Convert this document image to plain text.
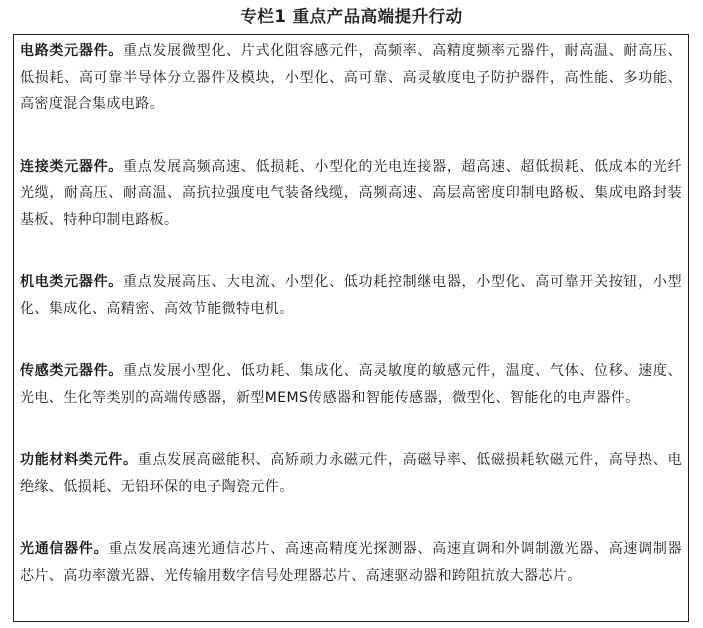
专栏1 重点产品高端提升行动

电路类元器件。重点发展微型化、片式化阻容感元件，高频率、高精度频率元器件，耐高温、耐高压、低损耗、高可靠半导体分立器件及模块，小型化、高可靠、高灵敏度电子防护器件，高性能、多功能、高密度混合集成电路。

连接类元器件。重点发展高频高速、低损耗、小型化的光电连接器，超高速、超低损耗、低成本的光纤光缆，耐高压、耐高温、高抗拉强度电气装备线缆，高频高速、高层高密度印制电路板、集成电路封装基板、特种印制电路板。

机电类元器件。重点发展高压、大电流、小型化、低功耗控制继电器，小型化、高可靠开关按钮，小型化、集成化、高精密、高效节能微特电机。

传感类元器件。重点发展小型化、低功耗、集成化、高灵敏度的敏感元件，温度、气体、位移、速度、光电、生化等类别的高端传感器，新型MEMS传感器和智能传感器，微型化、智能化的电声器件。

功能材料类元件。重点发展高磁能积、高矫顽力永磁元件，高磁导率、低磁损耗软磁元件，高导热、电绝缘、低损耗、无铅环保的电子陶瓷元件。

光通信器件。重点发展高速光通信芯片、高速高精度光探测器、高速直调和外调制激光器、高速调制器芯片、高功率激光器、光传输用数字信号处理器芯片、高速驱动器和跨阻抗放大器芯片。
